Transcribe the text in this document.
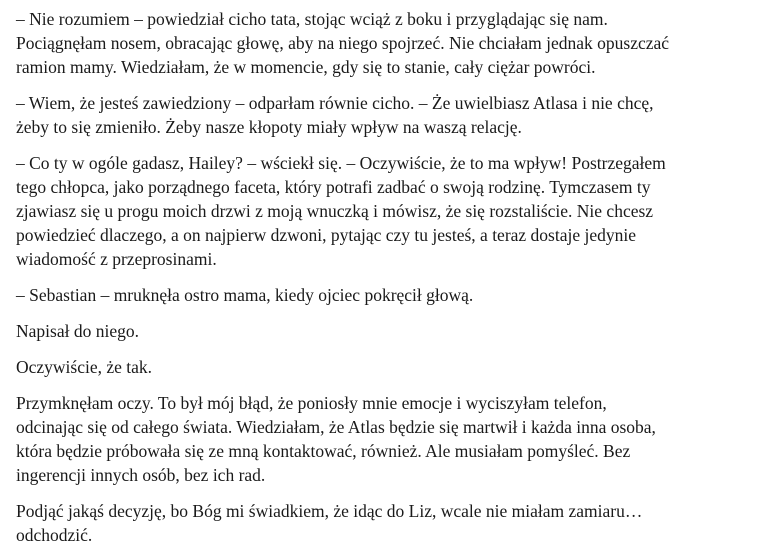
– Nie rozumiem – powiedział cicho tata, stojąc wciąż z boku i przyglądając się nam.
Pociągnęłam nosem, obracając głowę, aby na niego spojrzeć. Nie chciałam jednak opuszczać
ramion mamy. Wiedziałam, że w momencie, gdy się to stanie, cały ciężar powróci.

– Wiem, że jesteś zawiedziony – odparłam równie cicho. – Że uwielbiasz Atlasa i nie chcę,
żeby to się zmieniło. Żeby nasze kłopoty miały wpływ na waszą relację.

– Co ty w ogóle gadasz, Hailey? – wściekł się. – Oczywiście, że to ma wpływ! Postrzegałem
tego chłopca, jako porządnego faceta, który potrafi zadbać o swoją rodzinę. Tymczasem ty
zjawiasz się u progu moich drzwi z moją wnuczką i mówisz, że się rozstaliście. Nie chcesz
powiedzieć dlaczego, a on najpierw dzwoni, pytając czy tu jesteś, a teraz dostaje jedynie
wiadomość z przeprosinami.

– Sebastian – mruknęła ostro mama, kiedy ojciec pokręcił głową.

Napisał do niego.

Oczywiście, że tak.

Przymknęłam oczy. To był mój błąd, że poniosły mnie emocje i wyciszyłam telefon,
odcinając się od całego świata. Wiedziałam, że Atlas będzie się martwił i każda inna osoba,
która będzie próbowała się ze mną kontaktować, również. Ale musiałam pomyśleć. Bez
ingerencji innych osób, bez ich rad.

Podjąć jakąś decyzję, bo Bóg mi świadkiem, że idąc do Liz, wcale nie miałam zamiaru…
odchodzić.
